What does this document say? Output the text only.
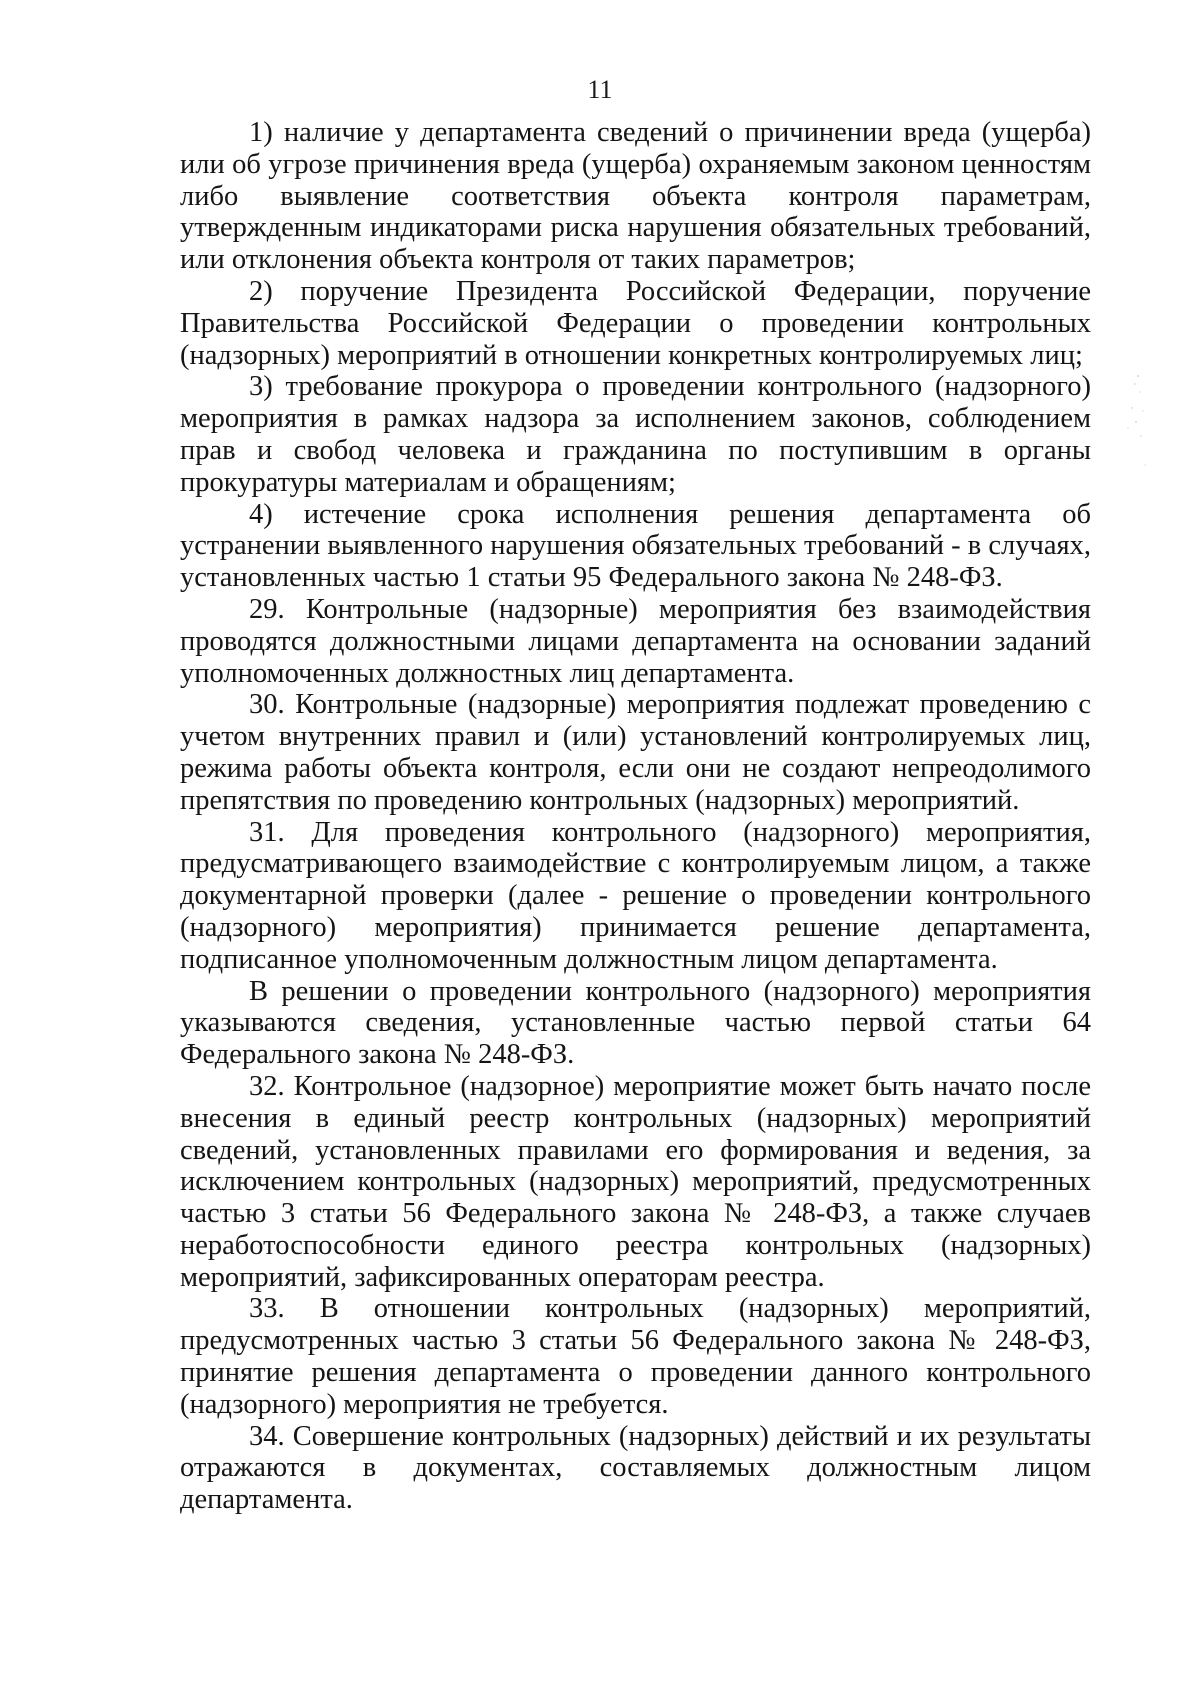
11

1) наличие у департамента сведений о причинении вреда (ущерба) или об угрозе причинения вреда (ущерба) охраняемым законом ценностям либо выявление соответствия объекта контроля параметрам, утвержденным индикаторами риска нарушения обязательных требований, или отклонения объекта контроля от таких параметров;

2) поручение Президента Российской Федерации, поручение Правительства Российской Федерации о проведении контрольных (надзорных) мероприятий в отношении конкретных контролируемых лиц;

3) требование прокурора о проведении контрольного (надзорного) мероприятия в рамках надзора за исполнением законов, соблюдением прав и свобод человека и гражданина по поступившим в органы прокуратуры материалам и обращениям;

4) истечение срока исполнения решения департамента об устранении выявленного нарушения обязательных требований - в случаях, установленных частью 1 статьи 95 Федерального закона № 248-ФЗ.

29. Контрольные (надзорные) мероприятия без взаимодействия проводятся должностными лицами департамента на основании заданий уполномоченных должностных лиц департамента.

30. Контрольные (надзорные) мероприятия подлежат проведению с учетом внутренних правил и (или) установлений контролируемых лиц, режима работы объекта контроля, если они не создают непреодолимого препятствия по проведению контрольных (надзорных) мероприятий.

31. Для проведения контрольного (надзорного) мероприятия, предусматривающего взаимодействие с контролируемым лицом, а также документарной проверки (далее - решение о проведении контрольного (надзорного) мероприятия) принимается решение департамента, подписанное уполномоченным должностным лицом департамента.

В решении о проведении контрольного (надзорного) мероприятия указываются сведения, установленные частью первой статьи 64 Федерального закона № 248-ФЗ.

32. Контрольное (надзорное) мероприятие может быть начато после внесения в единый реестр контрольных (надзорных) мероприятий сведений, установленных правилами его формирования и ведения, за исключением контрольных (надзорных) мероприятий, предусмотренных частью 3 статьи 56 Федерального закона № 248-ФЗ, а также случаев неработоспособности единого реестра контрольных (надзорных) мероприятий, зафиксированных операторам реестра.

33. В отношении контрольных (надзорных) мероприятий, предусмотренных частью 3 статьи 56 Федерального закона № 248-ФЗ, принятие решения департамента о проведении данного контрольного (надзорного) мероприятия не требуется.

34. Совершение контрольных (надзорных) действий и их результаты отражаются в документах, составляемых должностным лицом департамента.
